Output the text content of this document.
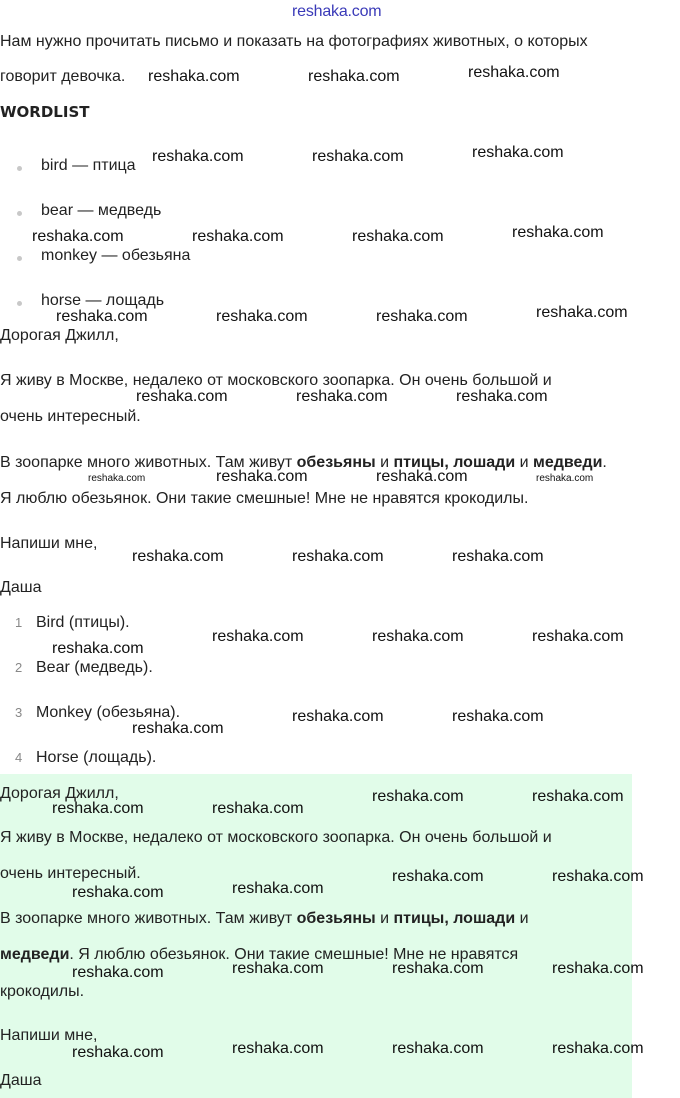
reshaka.com
Нам нужно прочитать письмо и показать на фотографиях животных, о которых
говорит девочка.
WORDLIST
bird — птица
bear — медведь
monkey — обезьяна
horse — лощадь
Дорогая Джилл,
Я живу в Москве, недалеко от московского зоопарка. Он очень большой и
очень интересный.
В зоопарке много животных. Там живут обезьяны и птицы, лошади и медведи.
Я люблю обезьянок. Они такие смешные! Мне не нравятся крокодилы.
Напиши мне,
Даша
1 Bird (птицы).
2 Bear (медведь).
3 Monkey (обезьяна).
4 Horse (лощадь).
Дорогая Джилл,
Я живу в Москве, недалеко от московского зоопарка. Он очень большой и
очень интересный.
В зоопарке много животных. Там живут обезьяны и птицы, лошади и
медведи. Я люблю обезьянок. Они такие смешные! Мне не нравятся
крокодилы.
Напиши мне,
Даша
reshaka.com	reshaka.com	reshaka.com
reshaka.com	reshaka.com	reshaka.com
reshaka.com	reshaka.com	reshaka.com	reshaka.com
reshaka.com	reshaka.com	reshaka.com	reshaka.com
reshaka.com	reshaka.com	reshaka.com
reshaka.com	reshaka.com	reshaka.com	reshaka.com
reshaka.com	reshaka.com	reshaka.com
reshaka.com
reshaka.com	reshaka.com	reshaka.com
reshaka.com
reshaka.com	reshaka.com
reshaka.com	reshaka.com
reshaka.com	reshaka.com
reshaka.com	reshaka.com
reshaka.com	reshaka.com
reshaka.com	reshaka.com	reshaka.com	reshaka.com
reshaka.com	reshaka.com	reshaka.com	reshaka.com
